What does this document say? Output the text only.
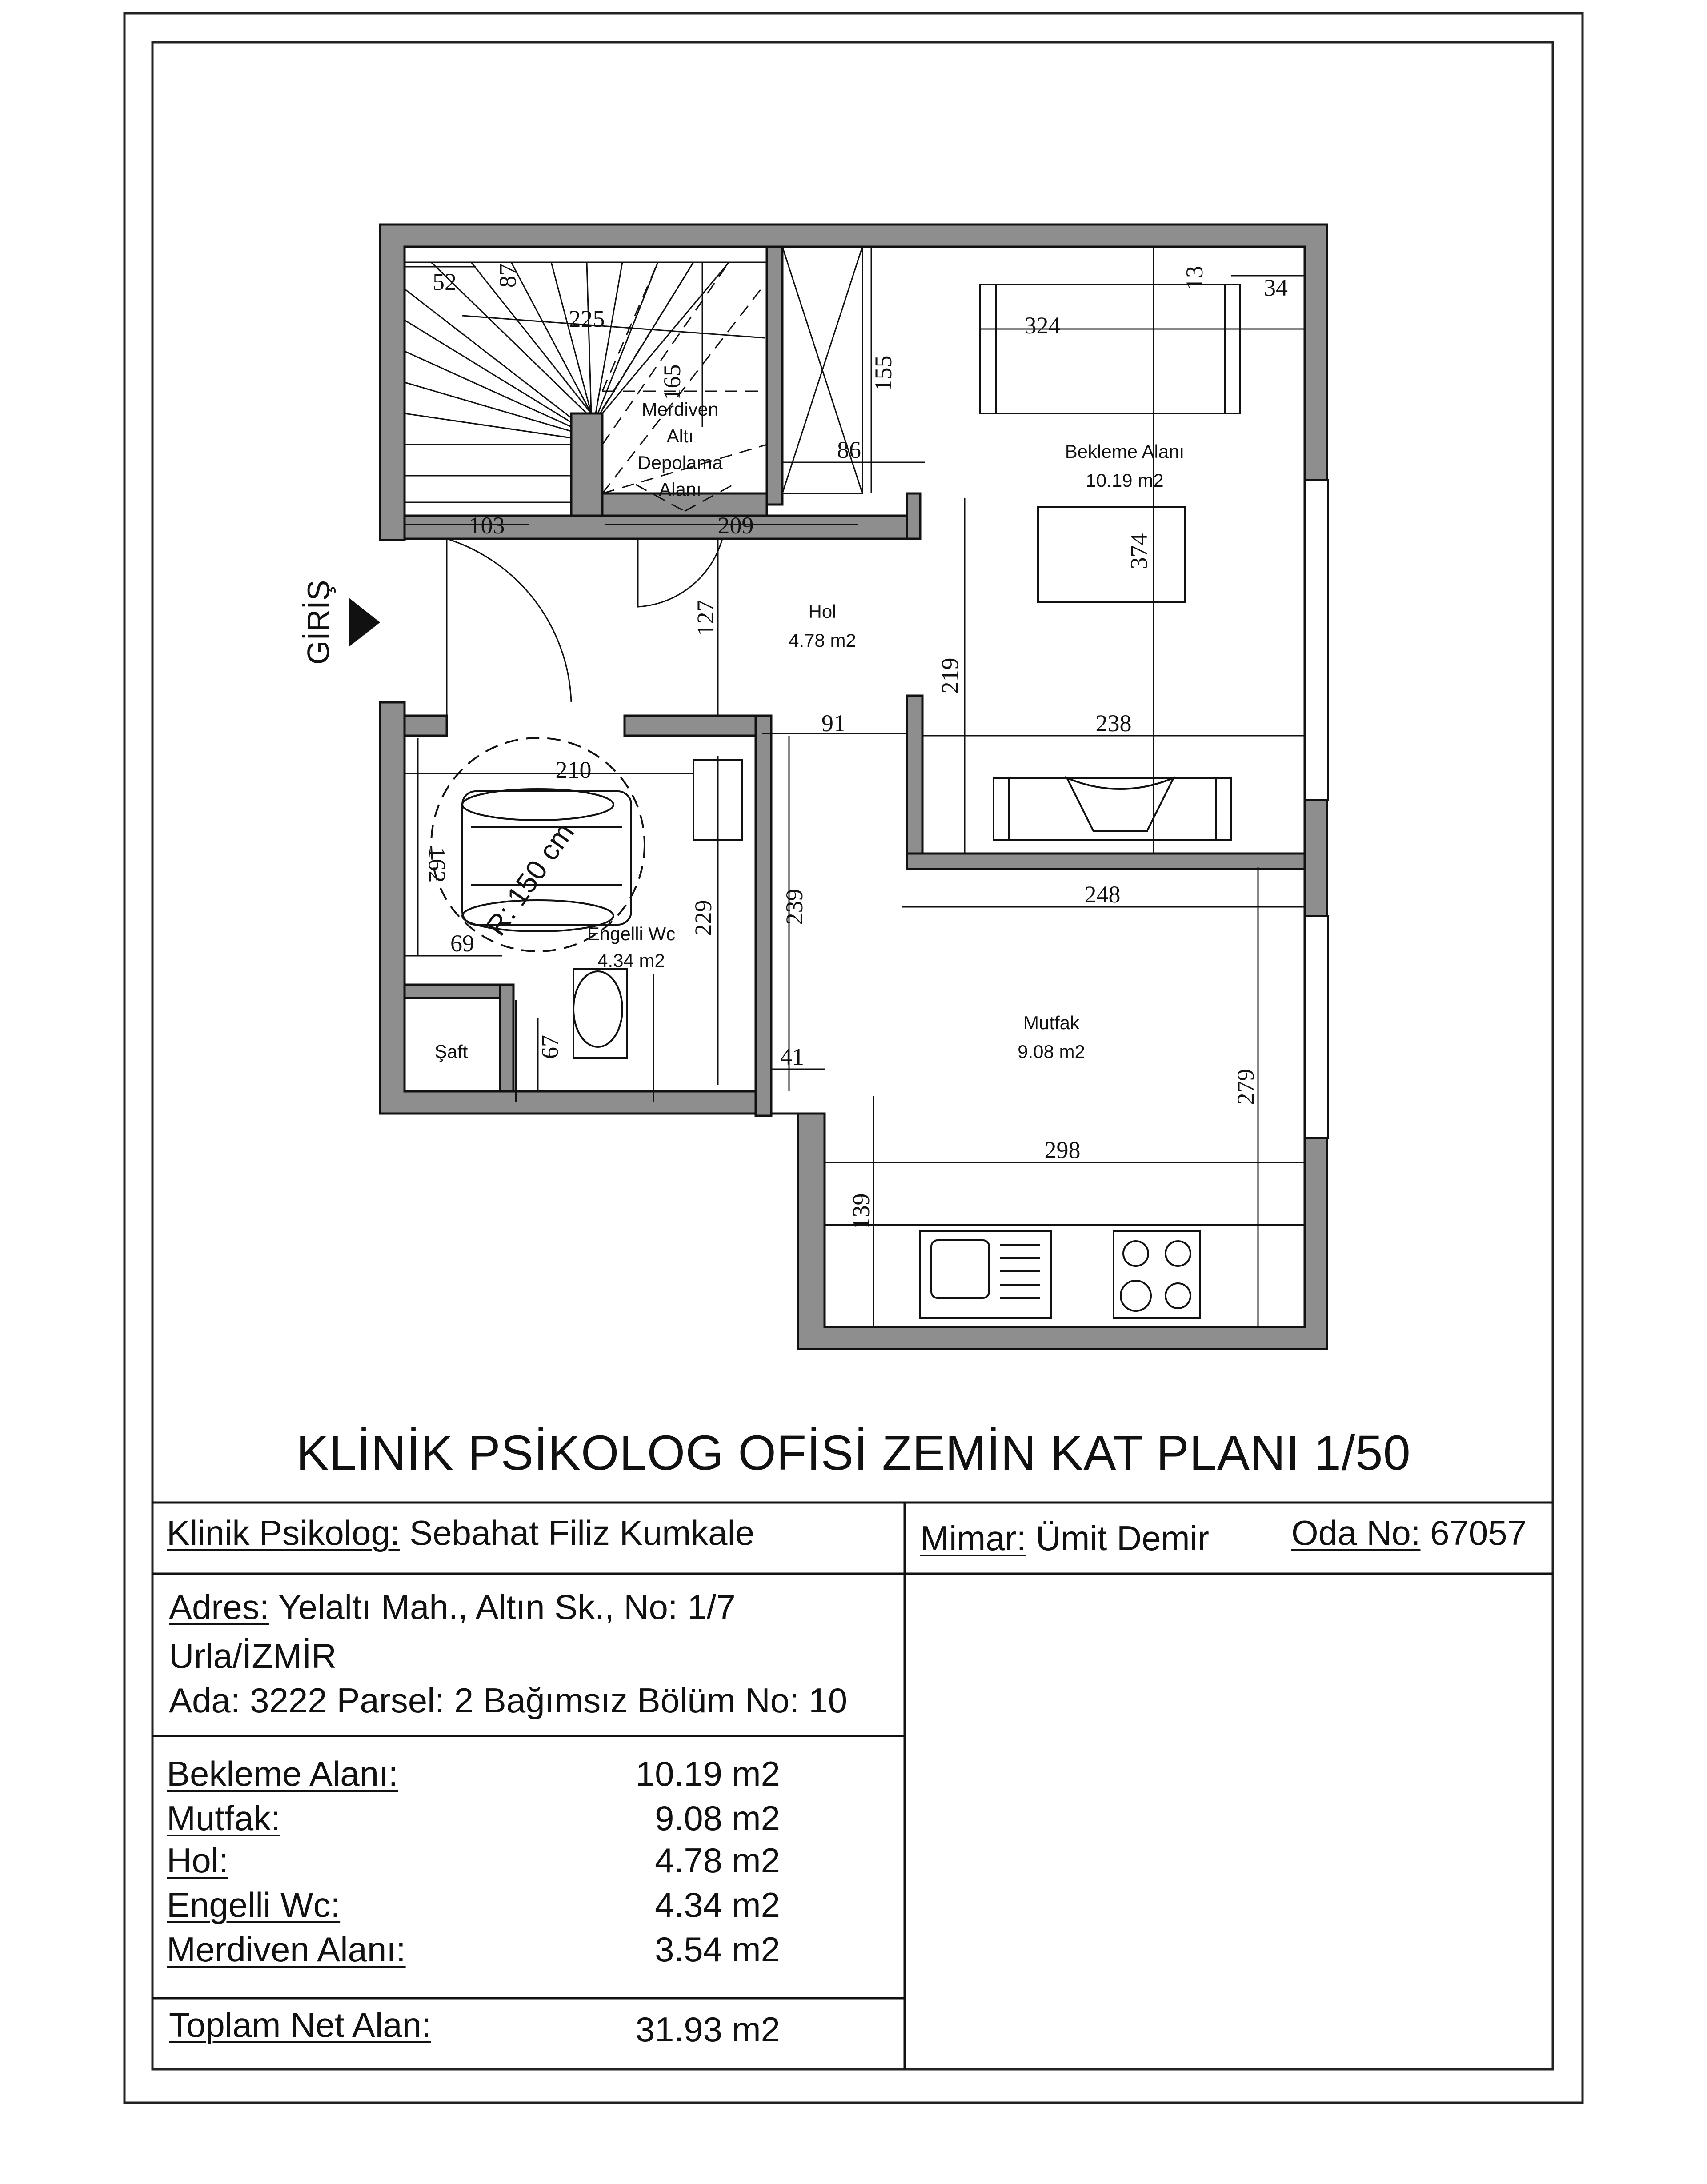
Merdiven
Altı
Depolama
Alanı
Bekleme Alanı
10.19 m2
Hol
4.78 m2
Engelli Wc
4.34 m2
Mutfak
9.08 m2
Şaft
R: 150 cm
GİRİŞ
52 87
225
165	155
86
103	209
127
324
13 34
374
219
91	238
210
162
229	239	248
69
67	41
279
298
139
KLİNİK PSİKOLOG OFİSİ ZEMİN KAT PLANI 1/50
Klinik Psikolog: Sebahat Filiz Kumkale	Mimar: Ümit Demir Oda No: 67057
Adres: Yelaltı Mah., Altın Sk., No: 1/7
Urla/İZMİR
Ada: 3222 Parsel: 2 Bağımsız Bölüm No: 10
Bekleme Alanı:	10.19 m2
Mutfak:	9.08 m2
Hol:	4.78 m2
Engelli Wc:	4.34 m2
Merdiven Alanı:	3.54 m2
Toplam Net Alan:	31.93 m2
